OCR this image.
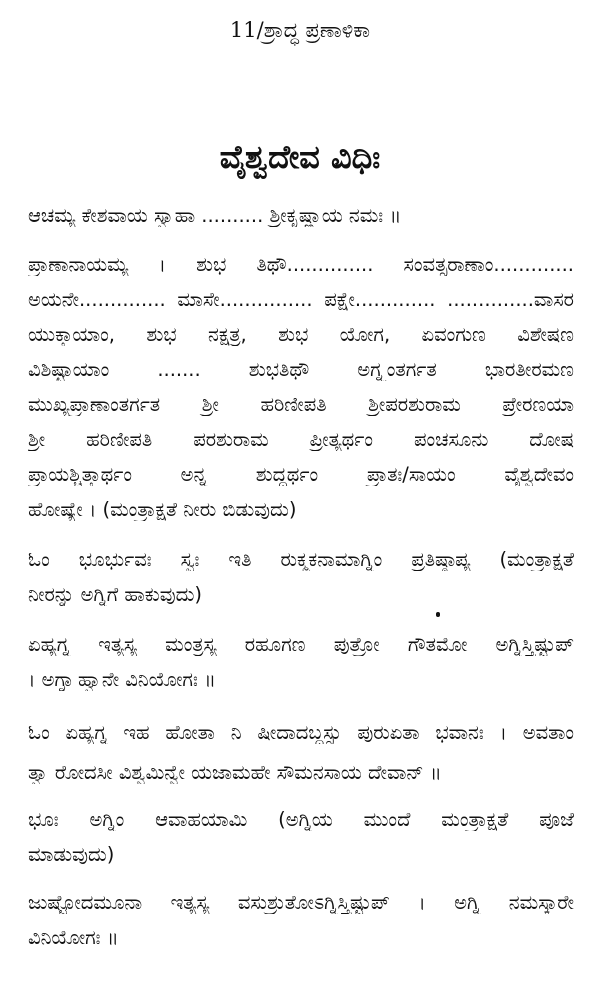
11/ಶ್ರಾದ್ಧ ಪ್ರಣಾಳಿಕಾ
ವೈಶ್ವದೇವ ವಿಧಿಃ
ಆಚಮ್ಯ ಕೇಶವಾಯ ಸ್ವಾಹಾ .......... ಶ್ರೀಕೃಷ್ಣಾಯ ನಮಃ ॥
ಪ್ರಾಣಾನಾಯಮ್ಯ । ಶುಭ ತಿಥೌ.............. ಸಂವತ್ಸರಾಣಾಂ.............
ಅಯನೇ.............. ಮಾಸೇ............... ಪಕ್ಷೇ............. ..............ವಾಸರ
ಯುಕ್ತಾಯಾಂ, ಶುಭ ನಕ್ಷತ್ರ, ಶುಭ ಯೋಗ, ಏವಂಗುಣ ವಿಶೇಷಣ
ವಿಶಿಷ್ಟಾಯಾಂ ....... ಶುಭತಿಥೌ ಅಗ್ನ್ಯಂತರ್ಗತ ಭಾರತೀರಮಣ
ಮುಖ್ಯಪ್ರಾಣಾಂತರ್ಗತ ಶ್ರೀ ಹರಿಣೀಪತಿ ಶ್ರೀಪರಶುರಾಮ ಪ್ರೇರಣಯಾ
ಶ್ರೀ ಹರಿಣೀಪತಿ ಪರಶುರಾಮ ಪ್ರೀತ್ಯರ್ಥಂ ಪಂಚಸೂನು ದೋಷ
ಪ್ರಾಯಶ್ಚಿತ್ತಾರ್ಥಂ ಅನ್ನ ಶುದ್ಧ್ಯರ್ಥಂ ಪ್ರಾತಃ/ಸಾಯಂ ವೈಶ್ವದೇವಂ
ಹೋಷ್ಯೇ । (ಮಂತ್ರಾಕ್ಷತೆ ನೀರು ಬಿಡುವುದು)
ಓಂ ಭೂರ್ಭುವಃ ಸ್ವಃ ಇತಿ ರುಕ್ಮಕನಾಮಾಗ್ನಿಂ ಪ್ರತಿಷ್ಠಾಪ್ಯ (ಮಂತ್ರಾಕ್ಷತೆ
ನೀರನ್ನು ಅಗ್ನಿಗೆ ಹಾಕುವುದು)
ಏಹ್ಯಗ್ನ ಇತ್ಯಸ್ಯ ಮಂತ್ರಸ್ಯ ರಹೂಗಣ ಪುತ್ರೋ ಗೌತಮೋ ಅಗ್ನಿಸ್ತ್ರಿಷ್ಟುಪ್
। ಅಗ್ನ್ಯಾಹ್ವಾನೇ ವಿನಿಯೋಗಃ ॥
ಓಂ ಏಹ್ಯಗ್ನ ಇಹ ಹೋತಾ ನಿ ಷೀದಾದಬ್ಧಸ್ಸು ಪುರುಏತಾ ಭವಾನಃ । ಅವತಾಂ
ತ್ವಾ ರೋದಸೀ ವಿಶ್ವಮಿನ್ವೇ ಯಜಾಮಹೇ ಸೌಮನಸಾಯ ದೇವಾನ್ ॥
ಭೂಃ ಅಗ್ನಿಂ ಆವಾಹಯಾಮಿ (ಅಗ್ನಿಯ ಮುಂದೆ ಮಂತ್ರಾಕ್ಷತೆ ಪೂಜೆ
ಮಾಡುವುದು)
ಜುಷ್ಟೋದಮೂನಾ ಇತ್ಯಸ್ಯ ವಸುಶ್ರುತೋಽಗ್ನಿಸ್ತ್ರಿಷ್ಟುಪ್ । ಅಗ್ನಿ ನಮಸ್ಕಾರೇ
ವಿನಿಯೋಗಃ ॥
